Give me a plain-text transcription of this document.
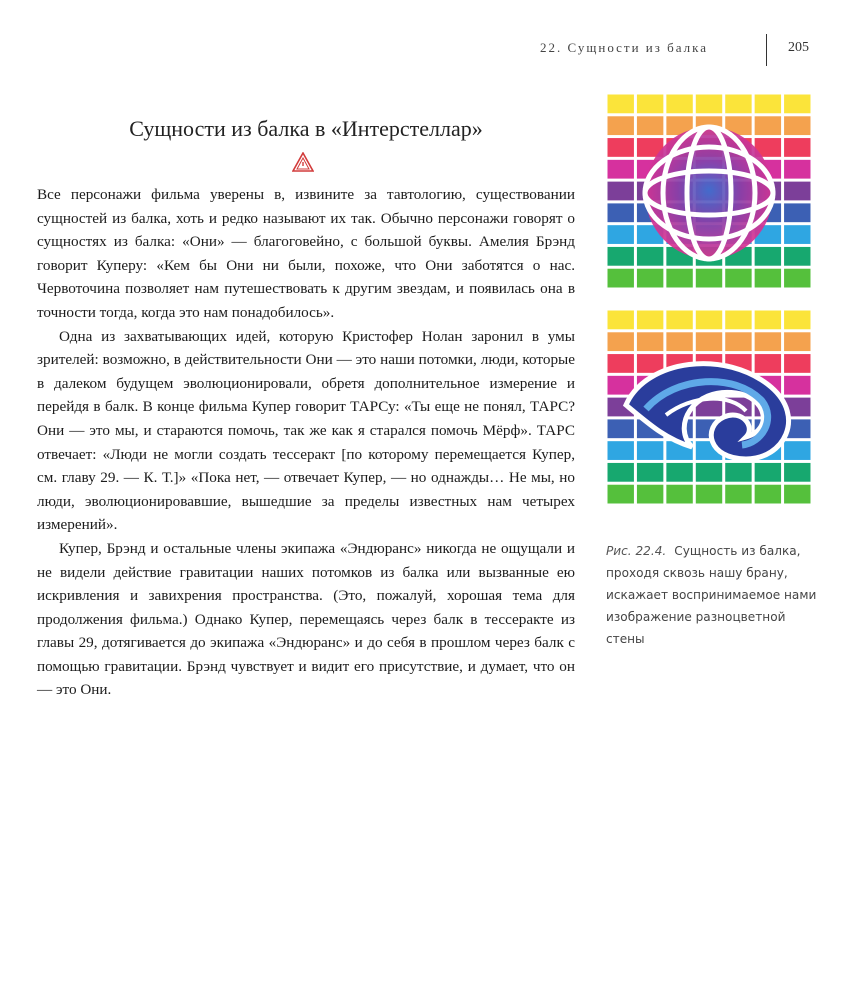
22. Сущности из балка	205
Сущности из балка в «Интерстеллар»

Все персонажи фильма уверены в, извините за тавтологию, существовании сущностей из балка, хоть и редко называют их так. Обычно персонажи говорят о сущностях из балка: «Они» — благоговейно, с большой буквы. Амелия Брэнд говорит Куперу: «Кем бы Они ни были, похоже, что Они заботятся о нас. Червоточина позволяет нам путешествовать к другим звездам, и появилась она в точности тогда, когда это нам понадобилось».

Одна из захватывающих идей, которую Кристофер Нолан заронил в умы зрителей: возможно, в действительности Они — это наши потомки, люди, которые в далеком будущем эволюционировали, обретя дополнительное измерение и перейдя в балк. В конце фильма Купер говорит ТАРСу: «Ты еще не понял, ТАРС? Они — это мы, и стараются помочь, так же как я старался помочь Мёрф». ТАРС отвечает: «Люди не могли создать тессеракт [по которому перемещается Купер, см. главу 29. — К. Т.]» «Пока нет, — отвечает Купер, — но однажды… Не мы, но люди, эволюционировавшие, вышедшие за пределы известных нам четырех измерений».

Купер, Брэнд и остальные члены экипажа «Эндюранс» никогда не ощущали и не видели действие гравитации наших потомков из балка или вызванные ею искривления и завихрения пространства. (Это, пожалуй, хорошая тема для продолжения фильма.) Однако Купер, перемещаясь через балк в тессеракте из главы 29, дотягивается до экипажа «Эндюранс» и до себя в прошлом через балк с помощью гравитации. Брэнд чувствует и видит его присутствие, и думает, что он — это Они.

Рис. 22.4. Сущность из балка, проходя сквозь нашу брану, искажает воспринимаемое нами изображение разноцветной стены
